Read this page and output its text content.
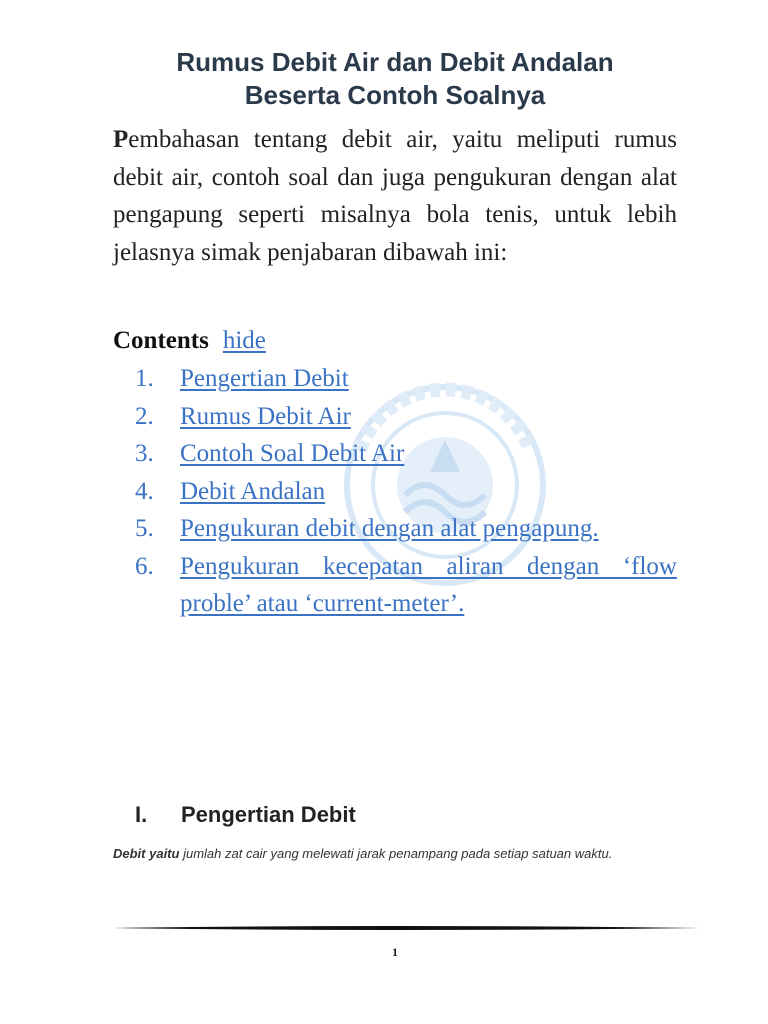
Rumus Debit Air dan Debit Andalan
Beserta Contoh Soalnya

Pembahasan tentang debit air, yaitu meliputi rumus debit air, contoh soal dan juga pengukuran dengan alat pengapung seperti misalnya bola tenis, untuk lebih jelasnya simak penjabaran dibawah ini:

Contents hide
1. Pengertian Debit
2. Rumus Debit Air
3. Contoh Soal Debit Air
4. Debit Andalan
5. Pengukuran debit dengan alat pengapung.
6. Pengukuran kecepatan aliran dengan ‘flow proble’ atau ‘current-meter’.
I. Pengertian Debit

Debit yaitu jumlah zat cair yang melewati jarak penampang pada setiap satuan waktu.

1
